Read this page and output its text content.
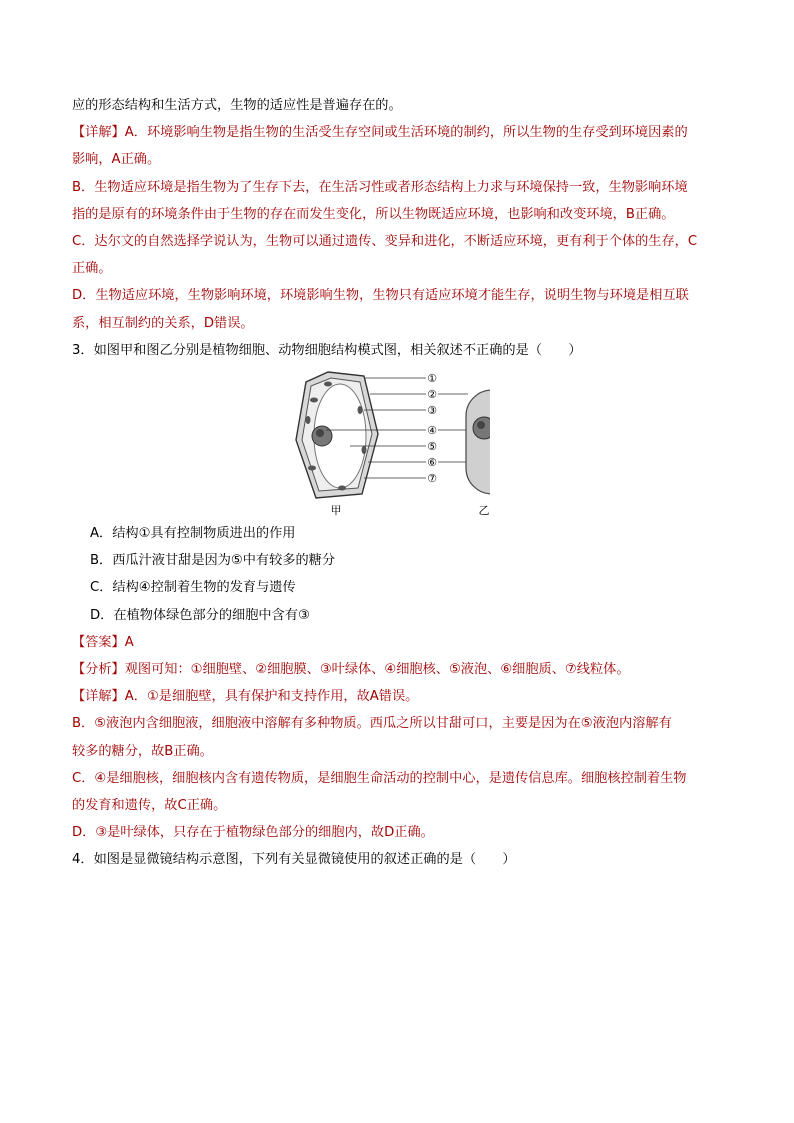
应的形态结构和生活方式，生物的适应性是普遍存在的。

【详解】A．环境影响生物是指生物的生活受生存空间或生活环境的制约，所以生物的生存受到环境因素的

影响，A正确。

B．生物适应环境是指生物为了生存下去，在生活习性或者形态结构上力求与环境保持一致，生物影响环境

指的是原有的环境条件由于生物的存在而发生变化，所以生物既适应环境，也影响和改变环境，B正确。

C．达尔文的自然选择学说认为，生物可以通过遗传、变异和进化，不断适应环境，更有利于个体的生存，C

正确。

D．生物适应环境，生物影响环境，环境影响生物，生物只有适应环境才能生存，说明生物与环境是相互联

系，相互制约的关系，D错误。

3．如图甲和图乙分别是植物细胞、动物细胞结构模式图，相关叙述不正确的是（　　）

①
②
③
④
⑤
⑥
⑦
甲	乙

A．结构①具有控制物质进出的作用

B．西瓜汁液甘甜是因为⑤中有较多的糖分

C．结构④控制着生物的发育与遗传

D．在植物体绿色部分的细胞中含有③

【答案】A

【分析】观图可知：①细胞壁、②细胞膜、③叶绿体、④细胞核、⑤液泡、⑥细胞质、⑦线粒体。

【详解】A．①是细胞壁，具有保护和支持作用，故A错误。

B．⑤液泡内含细胞液，细胞液中溶解有多种物质。西瓜之所以甘甜可口，主要是因为在⑤液泡内溶解有

较多的糖分，故B正确。

C．④是细胞核，细胞核内含有遗传物质，是细胞生命活动的控制中心，是遗传信息库。细胞核控制着生物

的发育和遗传，故C正确。

D．③是叶绿体，只存在于植物绿色部分的细胞内，故D正确。

4．如图是显微镜结构示意图，下列有关显微镜使用的叙述正确的是（　　）
